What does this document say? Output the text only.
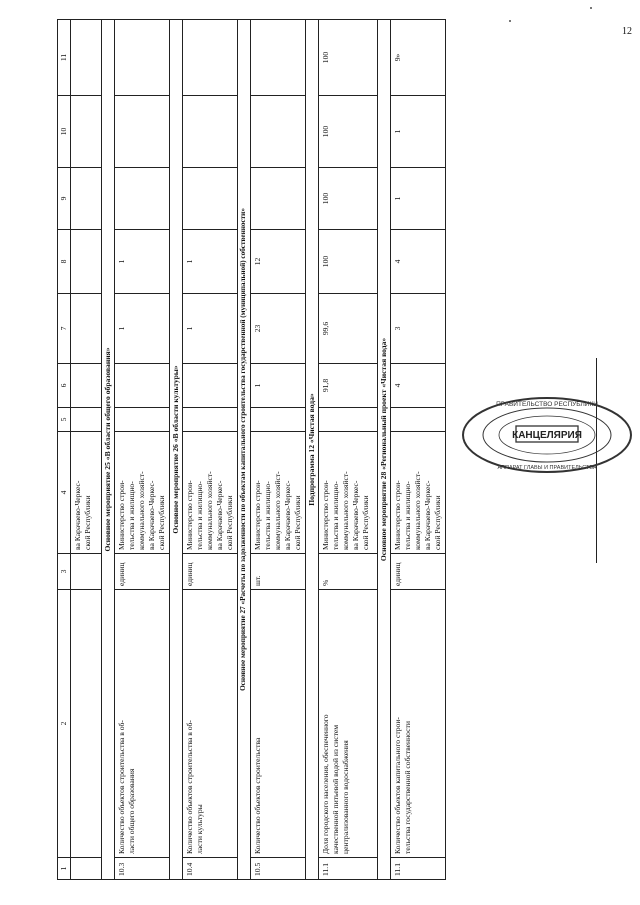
12
1	2	3	4	5	6	7	8	9	10	11
			ва Карачаево-Черкес-
ской Республики							
Основное мероприятие 25 «В области общего образования»										
10.3	Количество объектов строительства в об-
ласти общего образования	единиц	Министерство строи-
тельства и жилищно-
коммунального хозяйст-
ва Карачаево-Черкес-
ской Республики			1	1			
Основное мероприятие 26 «В области культуры»										
10.4	Количество объектов строительства в об-
ласти культуры	единиц	Министерство строи-
тельства и жилищно-
коммунального хозяйст-
ва Карачаево-Черкес-
ской Республики			1	1			
Основное мероприятие 27 «Расчеты по задолженности по объектам капитального строительства государственной (муниципальной) собственности»										
10.5	Количество объектов строительства	шт.	Министерство строи-
тельства и жилищно-
коммунального хозяйст-
ва Карачаево-Черкес-
ской Республики		1	23	12			
Подпрограмма 12 «Чистая вода»										
11.1	Доля городского населения, обеспеченного
качественной питьевой водой из систем
централизованного водоснабжения	%	Министерство строи-
тельства и жилищно-
коммунального хозяйст-
ва Карачаево-Черкес-
ской Республики		91,8	99,6	100	100	100	100
Основное мероприятие 28 «Региональный проект «Чистая вода»										
11.1	Количество объектов капитального строи-
тельства государственной собственности	единиц	Министерство строи-
тельства и жилищно-
коммунального хозяйст-
ва Карачаево-Черкес-
ской Республики		4	3	4	1	1	9»
КАНЦЕЛЯРИЯ
ПРАВИТЕЛЬСТВО РЕСПУБЛИКИ
АППАРАТ ГЛАВЫ И ПРАВИТЕЛЬСТВА
